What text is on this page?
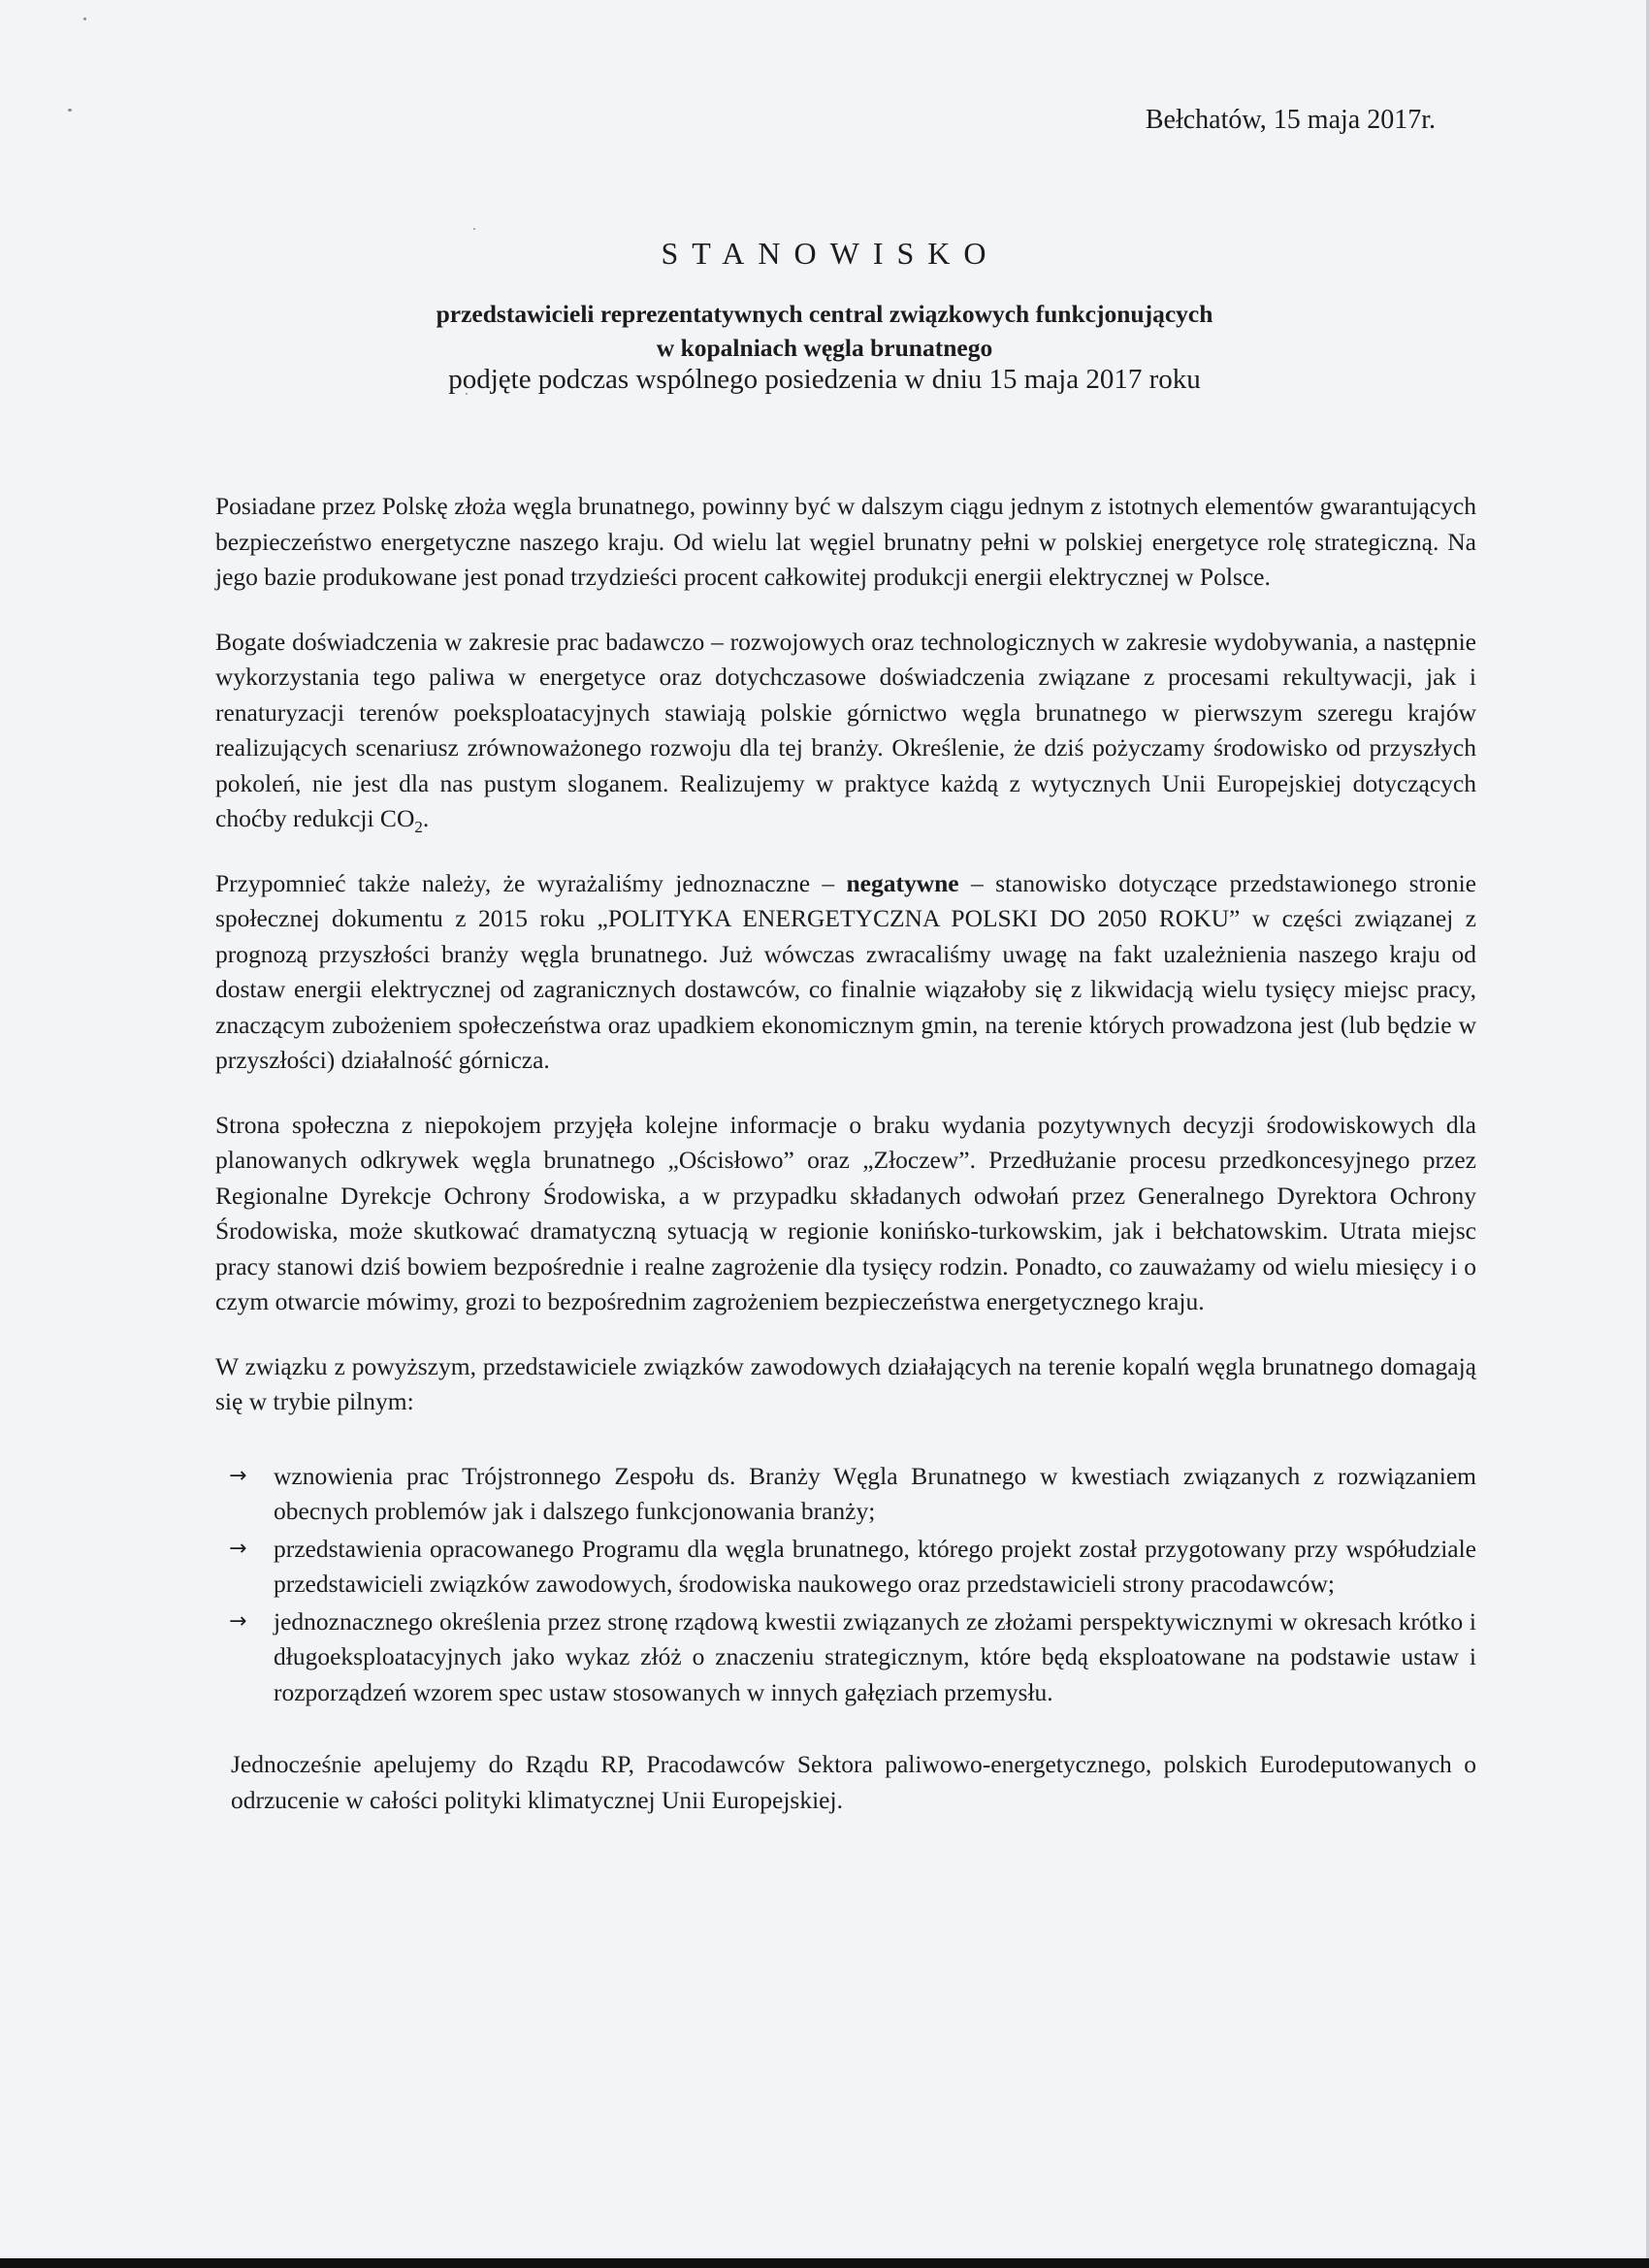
Bełchatów, 15 maja 2017r.
STANOWISKO
przedstawicieli reprezentatywnych central związkowych funkcjonujących
w kopalniach węgla brunatnego
podjęte podczas wspólnego posiedzenia w dniu 15 maja 2017 roku

Posiadane przez Polskę złoża węgla brunatnego, powinny być w dalszym ciągu jednym z istotnych elementów gwarantujących bezpieczeństwo energetyczne naszego kraju. Od wielu lat węgiel brunatny pełni w polskiej energetyce rolę strategiczną. Na jego bazie produkowane jest ponad trzydzieści procent całkowitej produkcji energii elektrycznej w Polsce.

Bogate doświadczenia w zakresie prac badawczo – rozwojowych oraz technologicznych w zakresie wydobywania, a następnie wykorzystania tego paliwa w energetyce oraz dotychczasowe doświadczenia związane z procesami rekultywacji, jak i renaturyzacji terenów poeksploatacyjnych stawiają polskie górnictwo węgla brunatnego w pierwszym szeregu krajów realizujących scenariusz zrównoważonego rozwoju dla tej branży. Określenie, że dziś pożyczamy środowisko od przyszłych pokoleń, nie jest dla nas pustym sloganem. Realizujemy w praktyce każdą z wytycznych Unii Europejskiej dotyczących choćby redukcji $CO_2$.

Przypomnieć także należy, że wyrażaliśmy jednoznaczne – negatywne – stanowisko dotyczące przedstawionego stronie społecznej dokumentu z 2015 roku „POLITYKA ENERGETYCZNA POLSKI DO 2050 ROKU” w części związanej z prognozą przyszłości branży węgla brunatnego. Już wówczas zwracaliśmy uwagę na fakt uzależnienia naszego kraju od dostaw energii elektrycznej od zagranicznych dostawców, co finalnie wiązałoby się z likwidacją wielu tysięcy miejsc pracy, znaczącym zubożeniem społeczeństwa oraz upadkiem ekonomicznym gmin, na terenie których prowadzona jest (lub będzie w przyszłości) działalność górnicza.

Strona społeczna z niepokojem przyjęła kolejne informacje o braku wydania pozytywnych decyzji środowiskowych dla planowanych odkrywek węgla brunatnego „Ościsłowo” oraz „Złoczew”. Przedłużanie procesu przedkoncesyjnego przez Regionalne Dyrekcje Ochrony Środowiska, a w przypadku składanych odwołań przez Generalnego Dyrektora Ochrony Środowiska, może skutkować dramatyczną sytuacją w regionie konińsko-turkowskim, jak i bełchatowskim. Utrata miejsc pracy stanowi dziś bowiem bezpośrednie i realne zagrożenie dla tysięcy rodzin. Ponadto, co zauważamy od wielu miesięcy i o czym otwarcie mówimy, grozi to bezpośrednim zagrożeniem bezpieczeństwa energetycznego kraju.

W związku z powyższym, przedstawiciele związków zawodowych działających na terenie kopalń węgla brunatnego domagają się w trybie pilnym:

→ wznowienia prac Trójstronnego Zespołu ds. Branży Węgla Brunatnego w kwestiach związanych z rozwiązaniem obecnych problemów jak i dalszego funkcjonowania branży;
→ przedstawienia opracowanego Programu dla węgla brunatnego, którego projekt został przygotowany przy współudziale przedstawicieli związków zawodowych, środowiska naukowego oraz przedstawicieli strony pracodawców;
→ jednoznacznego określenia przez stronę rządową kwestii związanych ze złożami perspektywicznymi w okresach krótko i długoeksploatacyjnych jako wykaz złóż o znaczeniu strategicznym, które będą eksploatowane na podstawie ustaw i rozporządzeń wzorem spec ustaw stosowanych w innych gałęziach przemysłu.

Jednocześnie apelujemy do Rządu RP, Pracodawców Sektora paliwowo-energetycznego, polskich Eurodeputowanych o odrzucenie w całości polityki klimatycznej Unii Europejskiej.
